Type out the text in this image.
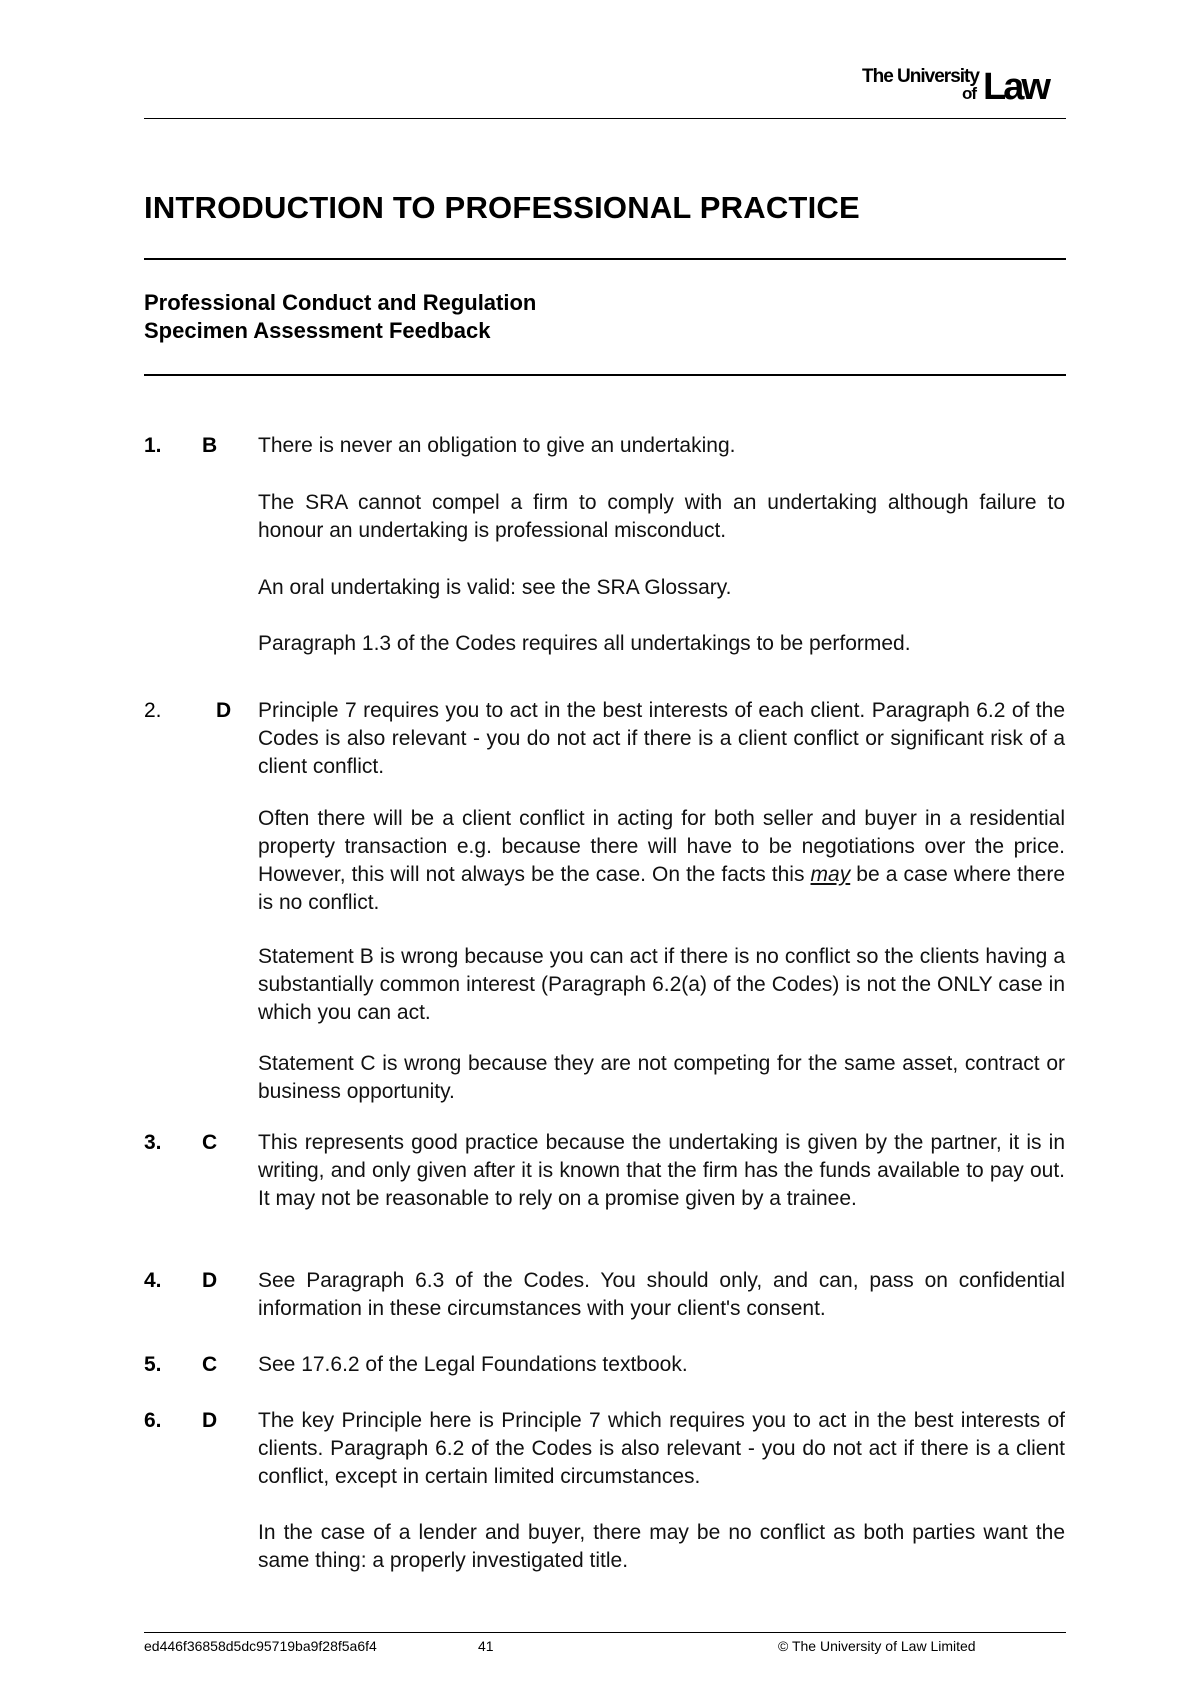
The University
of Law
INTRODUCTION TO PROFESSIONAL PRACTICE
Professional Conduct and Regulation
Specimen Assessment Feedback
1. B There is never an obligation to give an undertaking.
The SRA cannot compel a firm to comply with an undertaking although failure to honour an undertaking is professional misconduct.
An oral undertaking is valid: see the SRA Glossary.
Paragraph 1.3 of the Codes requires all undertakings to be performed.
2.	D Principle 7 requires you to act in the best interests of each client. Paragraph 6.2 of the Codes is also relevant - you do not act if there is a client conflict or significant risk of a client conflict.
Often there will be a client conflict in acting for both seller and buyer in a residential property transaction e.g. because there will have to be negotiations over the price. However, this will not always be the case. On the facts this may be a case where there is no conflict.
Statement B is wrong because you can act if there is no conflict so the clients having a substantially common interest (Paragraph 6.2(a) of the Codes) is not the ONLY case in which you can act.
Statement C is wrong because they are not competing for the same asset, contract or business opportunity.
3. C This represents good practice because the undertaking is given by the partner, it is in writing, and only given after it is known that the firm has the funds available to pay out. It may not be reasonable to rely on a promise given by a trainee.
4. D See Paragraph 6.3 of the Codes. You should only, and can, pass on confidential information in these circumstances with your client's consent.
5. C See 17.6.2 of the Legal Foundations textbook.
6. D The key Principle here is Principle 7 which requires you to act in the best interests of clients. Paragraph 6.2 of the Codes is also relevant - you do not act if there is a client conflict, except in certain limited circumstances.
In the case of a lender and buyer, there may be no conflict as both parties want the same thing: a properly investigated title.
ed446f36858d5dc95719ba9f28f5a6f4	41	© The University of Law Limited
